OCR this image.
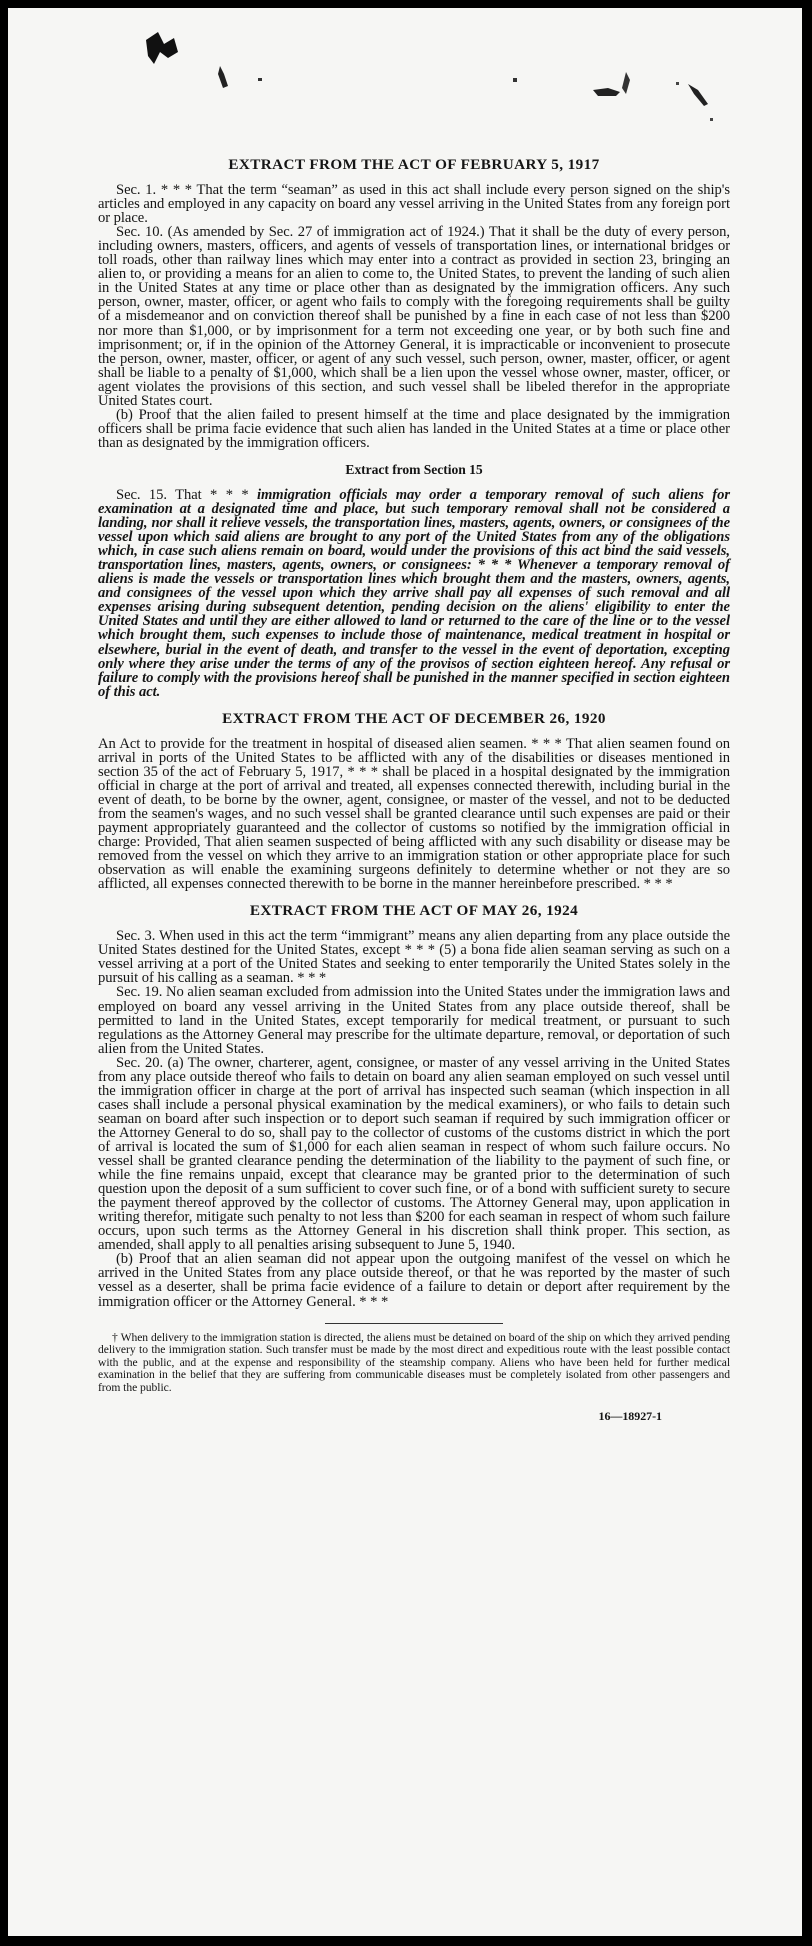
EXTRACT FROM THE ACT OF FEBRUARY 5, 1917

Sec. 1. * * * That the term “seaman” as used in this act shall include every person signed on the ship's articles and employed in any capacity on board any vessel arriving in the United States from any foreign port or place.

Sec. 10. (As amended by Sec. 27 of immigration act of 1924.) That it shall be the duty of every person, including owners, masters, officers, and agents of vessels of transportation lines, or international bridges or toll roads, other than railway lines which may enter into a contract as provided in section 23, bringing an alien to, or providing a means for an alien to come to, the United States, to prevent the landing of such alien in the United States at any time or place other than as designated by the immigration officers. Any such person, owner, master, officer, or agent who fails to comply with the foregoing requirements shall be guilty of a misdemeanor and on conviction thereof shall be punished by a fine in each case of not less than $200 nor more than $1,000, or by imprisonment for a term not exceeding one year, or by both such fine and imprisonment; or, if in the opinion of the Attorney General, it is impracticable or inconvenient to prosecute the person, owner, master, officer, or agent of any such vessel, such person, owner, master, officer, or agent shall be liable to a penalty of $1,000, which shall be a lien upon the vessel whose owner, master, officer, or agent violates the provisions of this section, and such vessel shall be libeled therefor in the appropriate United States court.

(b) Proof that the alien failed to present himself at the time and place designated by the immigration officers shall be prima facie evidence that such alien has landed in the United States at a time or place other than as designated by the immigration officers.

Extract from Section 15

Sec. 15. That * * * immigration officials may order a temporary removal of such aliens for examination at a designated time and place, but such temporary removal shall not be considered a landing, nor shall it relieve vessels, the transportation lines, masters, agents, owners, or consignees of the vessel upon which said aliens are brought to any port of the United States from any of the obligations which, in case such aliens remain on board, would under the provisions of this act bind the said vessels, transportation lines, masters, agents, owners, or consignees: * * * Whenever a temporary removal of aliens is made the vessels or transportation lines which brought them and the masters, owners, agents, and consignees of the vessel upon which they arrive shall pay all expenses of such removal and all expenses arising during subsequent detention, pending decision on the aliens' eligibility to enter the United States and until they are either allowed to land or returned to the care of the line or to the vessel which brought them, such expenses to include those of maintenance, medical treatment in hospital or elsewhere, burial in the event of death, and transfer to the vessel in the event of deportation, excepting only where they arise under the terms of any of the provisos of section eighteen hereof. Any refusal or failure to comply with the provisions hereof shall be punished in the manner specified in section eighteen of this act.

EXTRACT FROM THE ACT OF DECEMBER 26, 1920

An Act to provide for the treatment in hospital of diseased alien seamen. * * * That alien seamen found on arrival in ports of the United States to be afflicted with any of the disabilities or diseases mentioned in section 35 of the act of February 5, 1917, * * * shall be placed in a hospital designated by the immigration official in charge at the port of arrival and treated, all expenses connected therewith, including burial in the event of death, to be borne by the owner, agent, consignee, or master of the vessel, and not to be deducted from the seamen's wages, and no such vessel shall be granted clearance until such expenses are paid or their payment appropriately guaranteed and the collector of customs so notified by the immigration official in charge: Provided, That alien seamen suspected of being afflicted with any such disability or disease may be removed from the vessel on which they arrive to an immigration station or other appropriate place for such observation as will enable the examining surgeons definitely to determine whether or not they are so afflicted, all expenses connected therewith to be borne in the manner hereinbefore prescribed. * * *

EXTRACT FROM THE ACT OF MAY 26, 1924

Sec. 3. When used in this act the term “immigrant” means any alien departing from any place outside the United States destined for the United States, except * * * (5) a bona fide alien seaman serving as such on a vessel arriving at a port of the United States and seeking to enter temporarily the United States solely in the pursuit of his calling as a seaman. * * *

Sec. 19. No alien seaman excluded from admission into the United States under the immigration laws and employed on board any vessel arriving in the United States from any place outside thereof, shall be permitted to land in the United States, except temporarily for medical treatment, or pursuant to such regulations as the Attorney General may prescribe for the ultimate departure, removal, or deportation of such alien from the United States.

Sec. 20. (a) The owner, charterer, agent, consignee, or master of any vessel arriving in the United States from any place outside thereof who fails to detain on board any alien seaman employed on such vessel until the immigration officer in charge at the port of arrival has inspected such seaman (which inspection in all cases shall include a personal physical examination by the medical examiners), or who fails to detain such seaman on board after such inspection or to deport such seaman if required by such immigration officer or the Attorney General to do so, shall pay to the collector of customs of the customs district in which the port of arrival is located the sum of $1,000 for each alien seaman in respect of whom such failure occurs. No vessel shall be granted clearance pending the determination of the liability to the payment of such fine, or while the fine remains unpaid, except that clearance may be granted prior to the determination of such question upon the deposit of a sum sufficient to cover such fine, or of a bond with sufficient surety to secure the payment thereof approved by the collector of customs. The Attorney General may, upon application in writing therefor, mitigate such penalty to not less than $200 for each seaman in respect of whom such failure occurs, upon such terms as the Attorney General in his discretion shall think proper. This section, as amended, shall apply to all penalties arising subsequent to June 5, 1940.

(b) Proof that an alien seaman did not appear upon the outgoing manifest of the vessel on which he arrived in the United States from any place outside thereof, or that he was reported by the master of such vessel as a deserter, shall be prima facie evidence of a failure to detain or deport after requirement by the immigration officer or the Attorney General. * * *

† When delivery to the immigration station is directed, the aliens must be detained on board of the ship on which they arrived pending delivery to the immigration station. Such transfer must be made by the most direct and expeditious route with the least possible contact with the public, and at the expense and responsibility of the steamship company. Aliens who have been held for further medical examination in the belief that they are suffering from communicable diseases must be completely isolated from other passengers and from the public.

16—18927-1
